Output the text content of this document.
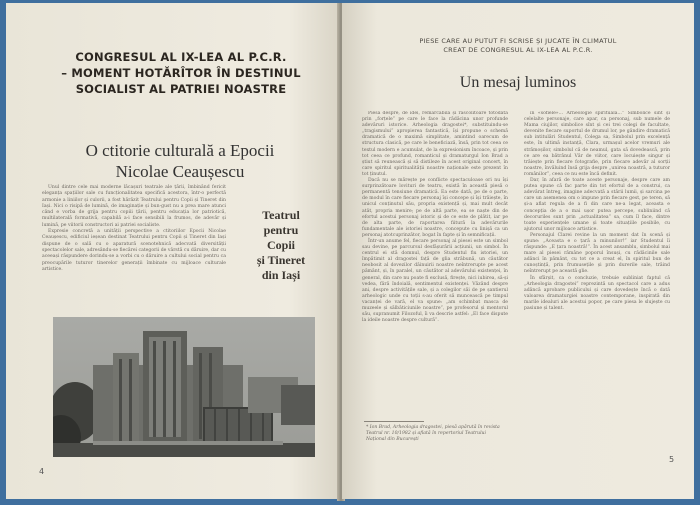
CONGRESUL AL IX-LEA AL P.C.R.
– MOMENT HOTĂRÎTOR ÎN DESTINUL
SOCIALIST AL PATRIEI NOASTRE
O ctitorie culturală a Epocii
Nicolae Ceaușescu

Unul dintre cele mai moderne lăcașuri teatrale ale țării, îmbinând fericit eleganța spațiilor sale cu funcționalitatea specifică acestora, într-o perfectă armonie a liniilor și culorii, a fost hărăzit Teatrului pentru Copii și Tineret din Iași. Nici o risipă de lumină, de imaginație și bun-gust nu a prea mare atunci când e vorba de grija pentru copiii țării, pentru educația lor patriotică, multilaterală formativă, capabilă a-i face sensibili la frumos, de adevăr și lumină, pe viitorii constructori ai patriei socialiste.

Expresie concretă a unității perspective a ctitoriilor Epocii Nicolae Ceaușescu, edificiul ieșean destinat Teatrului pentru Copii și Tineret din Iași dispune de o sală cu o aparatură scenotehnică adecvată diversității spectacolelor sale, adresându-se fiecărei categorii de vârstă cu dăruire, dar cu aceeași răspundere dorindu-se a vorbi cu o dăruire a cultului social pentru ca preocupările tuturor tinerelor generații îmbinate cu mijloace culturale artistice.

Teatrul
pentru
Copii
și Tineret
din Iași
4
PIESE CARE AU PUTUT FI SCRISE ȘI JUCATE ÎN CLIMATUL
CREAT DE CONGRESUL AL IX-LEA AL P.C.R.
Un mesaj luminos

Piesă despre, de idei, remarcabilă și răscolitoare totodată prin „forțele” pe care le face la rădăcina unor profunde adevăruri istorice. Arheologia dragostei*, substituindu-se „tragismului” apropierea fantastică, își propune o schemă dramatică de o maximă simplitate, amintind oarecum de structura clasică, pe care le beneficiază, însă, prin tot ceea ce textul modern e acumulat, de la expresionism încoace, și prin tot ceea ce profund, romanticul și dramaturgul Ion Brad a știut să reunească și să distileze în acest original concert, în care spiritul spiritualității noastre naționale este prezent în tot ținutul.

Dacă nu se mărește pe conflicte spectaculoase ori nu își surprinzătoare lovituri de teatru, există în această piesă o permanentă tensiune dramatică. Ea este dată, pe de o parte, de modul în care fiecare personaj își concepe și își trăiește, în unicul conținutul său, propria existență și, mai mult decât atât, propria menire; pe de altă parte, ea se naște din de efortul acestui personaj istoric și de ce este de plătit, iar pe de alta parte, de raportarea fiitură la adevărurile fundamentale ale istoriei noastre, concepute cu linișă ca un personaj atotcuprinzător, bogat în fapte și în semnificații.

Într-un anume fel, fiecare personaj al piesei este un simbol sau devine, pe parcursul desfășurării acțiunii, un simbol. În centrul ei stă domnul, despre Studentul fiu istoriei, un împătimit al dragostei față de glia străbună, un căutător neobosit al dovezilor dăinuirii noastre neîntrerupte pe acest pământ, și, în paralel, un căutător al adevărului existenței, în general, din care nu poate fi exclusă, firește, nici iubirea, să-și vedea, fără îndoială, sentimentul existenței. Văzând despre ani, despre activitățile sale, și a colegilor săi de pe șantierul arheologic unde cu toții s-au oferit să muncească pe timpul vacanței de vară, el va spune: „am schimbat masca de muzeele și sălbăticiunile noastre”, pe profesorul și mentorul său, supranumit Filozoful, îi va descrie astfel: „El face dispute la ideile noastre despre cultură”.

în «sofiele»... Arheologie spirituală...” Simbolice sînt și celelalte personaje, care apar, ca personaj, sub numele de Mama ciujilor, simbolice sînt și cei trei colegi de facultate, devenite fiecare suportul de drumul lor, pe gândire dramatică sub intitulări Studentul, Colega sa, Simbolul prin excelență este, în ultimă instanță, Clara, urmașul acelor vremuri ale strămoșilor, simbolul că de neamul, gata să dovedească, prin ce are ea bătrânul Văr de viitor, care locuiește singur și trăiește prin fiecare fotografie, prin fiecare adevăr al sorții noastre, învăluind însă grija despre „unirea noastră, a tuturor românilor”, ceea ce nu este încă definit.

Dar, în afară de toate aceste personaje, despre care am putea spune că fac parte din tot efortul de a construi, ca adevărat întreg, imagine adecvată a stării lumii, și sarcina pe care un asemenea om o impune prin fiecare gest, pe teren, să și-a aflat regula de a fi din care ne-a legat, aceasta e concepția de a o mai ușor putea percepe, subliniind că decoruriles sunt prin „actualitatea” sa, cum îl face, dintre toate experiențele umane și toate situațiile posibile, cu ajutorul unor mijloace artistice.

Personajul Clarei revine la un moment dat în scenă și spune: „Aceasta e o țară a minunilor!” iar Studentul îi răspunde: „E țara noastră!”. În acest ansamblu, simbolul mai mare al piesei rămâne poporul însuși, cu rădăcinile sale adânci în pământ, cu tot ce a creat el, în spiritul bun de cunoștință, prin frumusețile și prin durerile sale, trăind neîntrerupt pe această glie.

În sfârșit, ca o concluzie, trebuie subliniat faptul că „Arheologia dragostei” reprezintă un spectacol care a adus adâncă aprobare publicului și care dovedește încă o dată valoarea dramaturgiei noastre contemporane, inspirată din marile idealuri ale acestui popor, pe care piesa le slujește cu pasiune și talent.

* Ion Brad, Arheologia dragostei, piesă apărută în revista Teatrul nr. 10/1982 și aflată în repertoriul Teatrului Național din București
5
